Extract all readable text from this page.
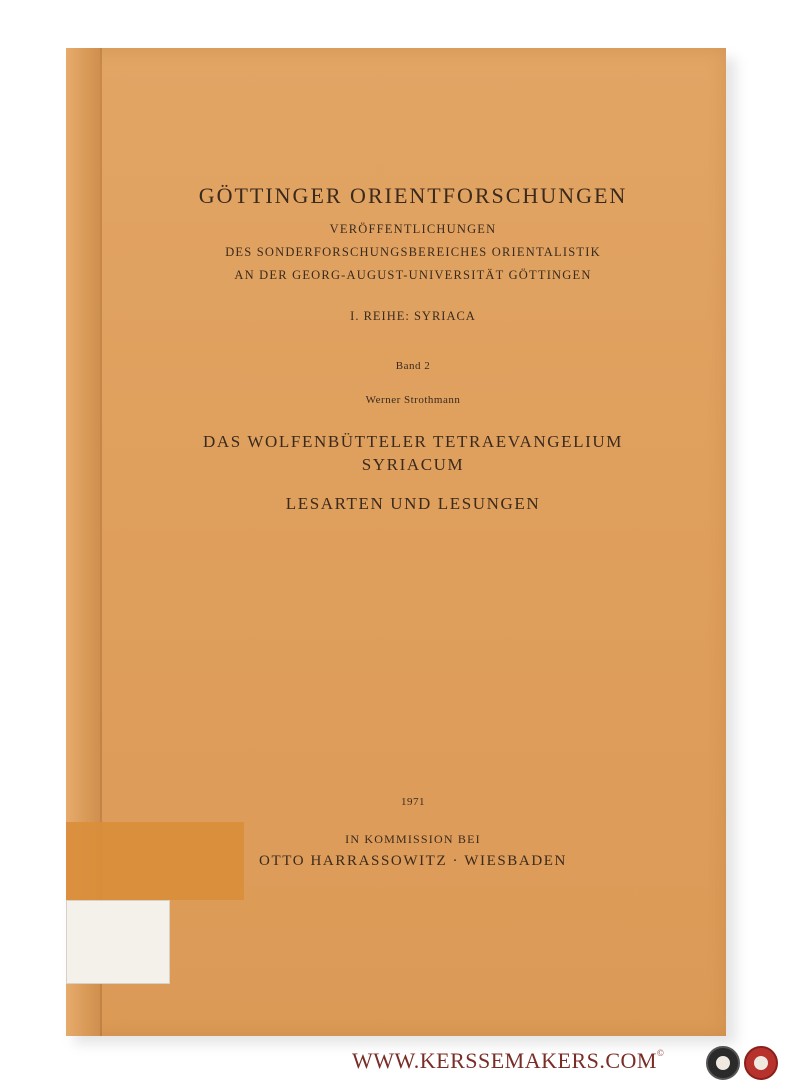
GÖTTINGER ORIENTFORSCHUNGEN
VERÖFFENTLICHUNGEN
DES SONDERFORSCHUNGSBEREICHES ORIENTALISTIK
AN DER GEORG-AUGUST-UNIVERSITÄT GÖTTINGEN
I. REIHE: SYRIACA
Band 2
Werner Strothmann
DAS WOLFENBÜTTELER TETRAEVANGELIUM
SYRIACUM
LESARTEN UND LESUNGEN
1971
IN KOMMISSION BEI
OTTO HARRASSOWITZ · WIESBADEN
WWW.KERSSEMAKERS.COM©
